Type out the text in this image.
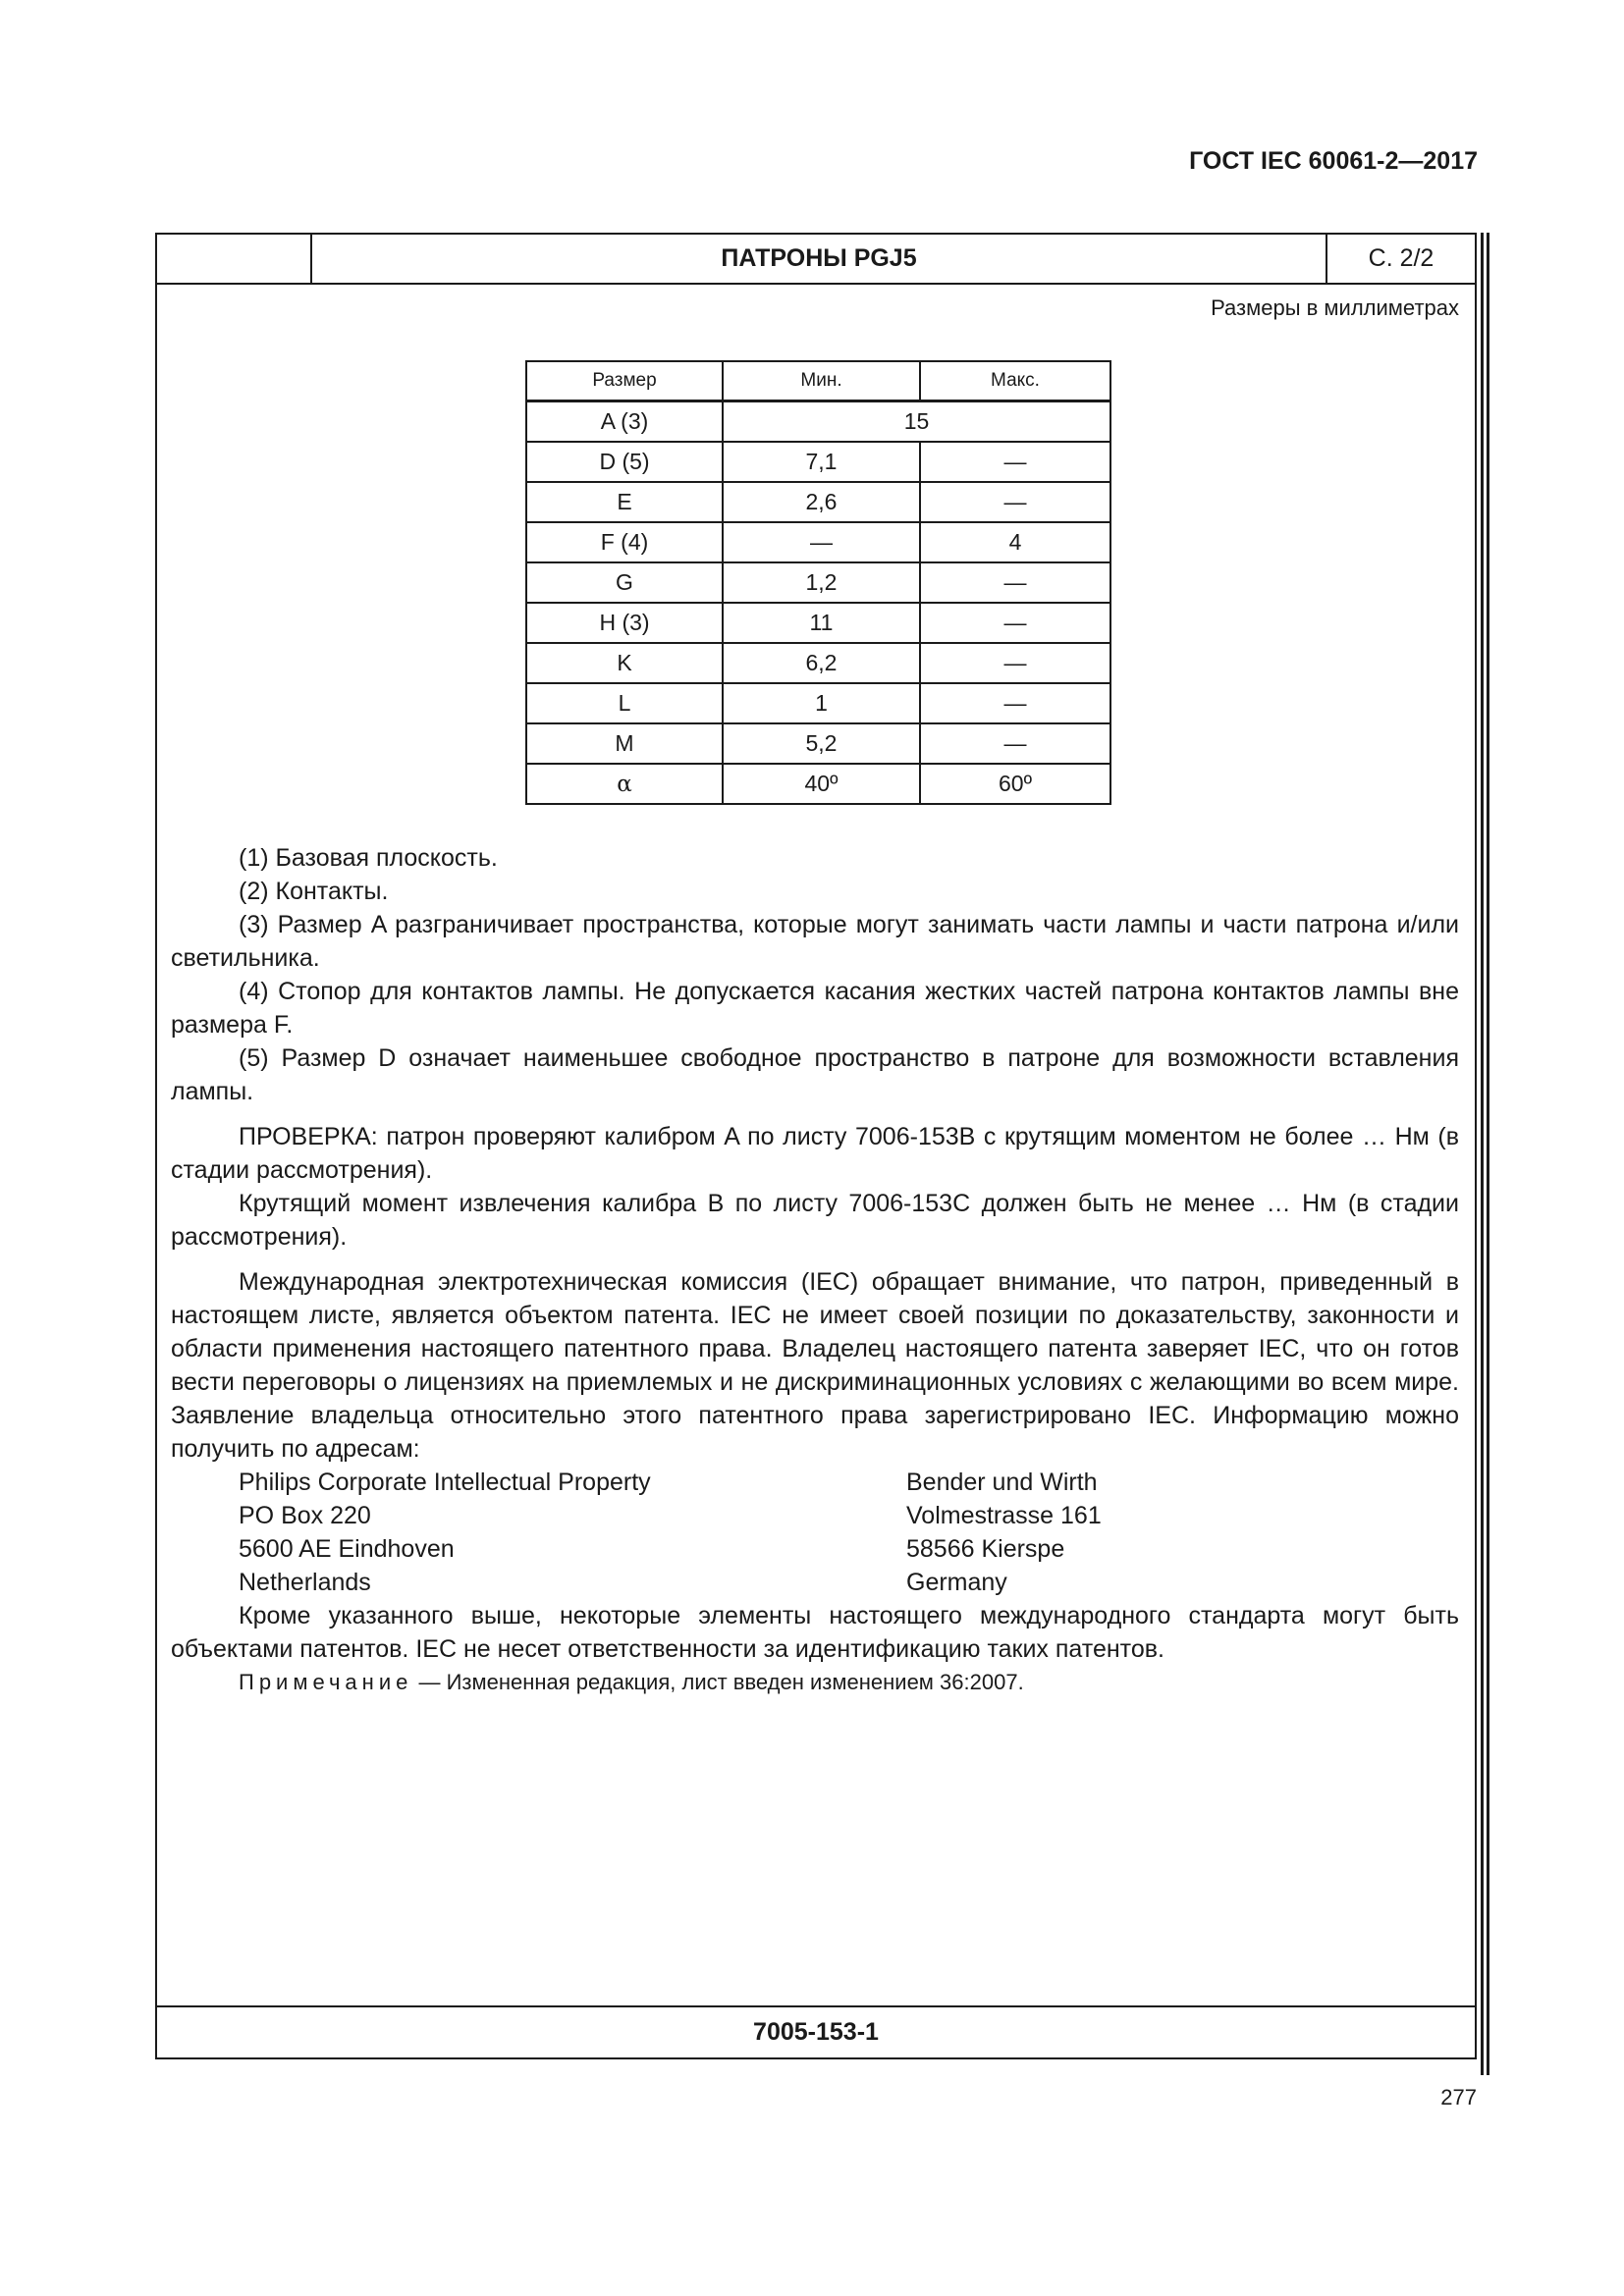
ГОСТ IEC 60061-2—2017
ПАТРОНЫ PGJ5	С. 2/2
Размеры в миллиметрах
Размер	Мин.	Макс.
A (3)	15	
D (5)	7,1	—
E	2,6	—
F (4)	—	4
G	1,2	—
H (3)	11	—
K	6,2	—
L	1	—
M	5,2	—
α	40º	60º

(1) Базовая плоскость.

(2) Контакты.

(3) Размер A разграничивает пространства, которые могут занимать части лампы и части патрона и/или светильника.

(4) Стопор для контактов лампы. Не допускается касания жестких частей патрона контактов лампы вне размера F.

(5) Размер D означает наименьшее свободное пространство в патроне для возможности вставления лампы.

ПРОВЕРКА: патрон проверяют калибром A по листу 7006-153B с крутящим моментом не более … Нм (в стадии рассмотрения).

Крутящий момент извлечения калибра B по листу 7006-153C должен быть не менее … Нм (в стадии рассмотрения).

Международная электротехническая комиссия (IEC) обращает внимание, что патрон, приведенный в настоящем листе, является объектом патента. IEC не имеет своей позиции по доказательству, законности и области применения настоящего патентного права. Владелец настоящего патента заверяет IEC, что он готов вести переговоры о лицензиях на приемлемых и не дискриминационных условиях с желающими во всем мире. Заявление владельца относительно этого патентного права зарегистрировано IEC. Информацию можно получить по адресам:

Philips Corporate Intellectual Property
PO Box 220
5600 AE Eindhoven
Netherlands
Bender und Wirth
Volmestrasse 161
58566 Kierspe
Germany

Кроме указанного выше, некоторые элементы настоящего международного стандарта могут быть объектами патентов. IEC не несет ответственности за идентификацию таких патентов.

Примечание — Измененная редакция, лист введен изменением 36:2007.

7005-153-1
277
